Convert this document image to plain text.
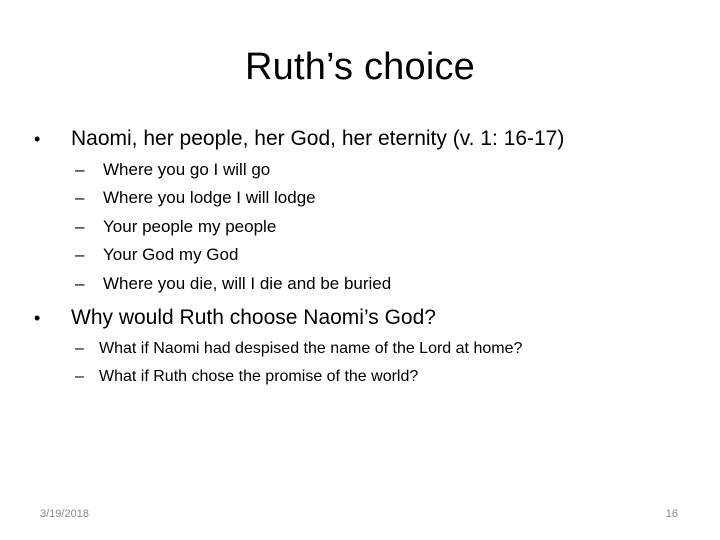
Ruth’s choice
• Naomi, her people, her God, her eternity (v. 1: 16-17)
– Where you go I will go
– Where you lodge I will lodge
– Your people my people
– Your God my God
– Where you die, will I die and be buried
• Why would Ruth choose Naomi’s God?
– What if Naomi had despised the name of the Lord at home?
– What if Ruth chose the promise of the world?
3/19/2018	16
